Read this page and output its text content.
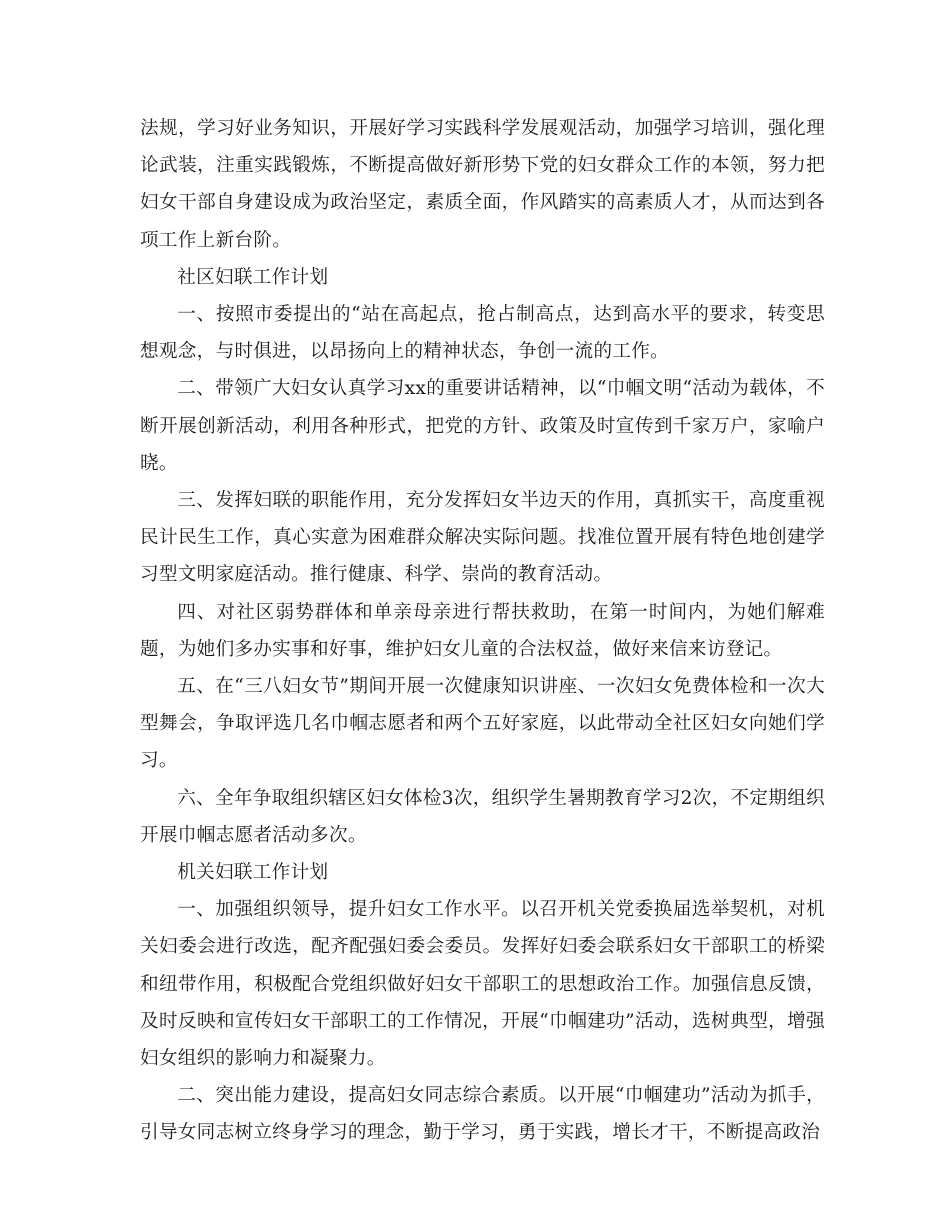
法规，学习好业务知识，开展好学习实践科学发展观活动，加强学习培训，强化理论武装，注重实践锻炼，不断提高做好新形势下党的妇女群众工作的本领，努力把妇女干部自身建设成为政治坚定，素质全面，作风踏实的高素质人才，从而达到各项工作上新台阶。

社区妇联工作计划

一、按照市委提出的“站在高起点，抢占制高点，达到高水平的要求，转变思想观念，与时俱进，以昂扬向上的精神状态，争创一流的工作。

二、带领广大妇女认真学习xx的重要讲话精神，以“巾帼文明“活动为载体，不断开展创新活动，利用各种形式，把党的方针、政策及时宣传到千家万户，家喻户晓。

三、发挥妇联的职能作用，充分发挥妇女半边天的作用，真抓实干，高度重视民计民生工作，真心实意为困难群众解决实际问题。找准位置开展有特色地创建学习型文明家庭活动。推行健康、科学、崇尚的教育活动。

四、对社区弱势群体和单亲母亲进行帮扶救助，在第一时间内，为她们解难题，为她们多办实事和好事，维护妇女儿童的合法权益，做好来信来访登记。

五、在“三八妇女节”期间开展一次健康知识讲座、一次妇女免费体检和一次大型舞会，争取评选几名巾帼志愿者和两个五好家庭，以此带动全社区妇女向她们学习。

六、全年争取组织辖区妇女体检3次，组织学生暑期教育学习2次，不定期组织开展巾帼志愿者活动多次。

机关妇联工作计划

一、加强组织领导，提升妇女工作水平。以召开机关党委换届选举契机，对机关妇委会进行改选，配齐配强妇委会委员。发挥好妇委会联系妇女干部职工的桥梁和纽带作用，积极配合党组织做好妇女干部职工的思想政治工作。加强信息反馈，及时反映和宣传妇女干部职工的工作情况，开展“巾帼建功”活动，选树典型，增强妇女组织的影响力和凝聚力。

二、突出能力建设，提高妇女同志综合素质。以开展“巾帼建功”活动为抓手，引导女同志树立终身学习的理念，勤于学习，勇于实践，增长才干，不断提高政治
